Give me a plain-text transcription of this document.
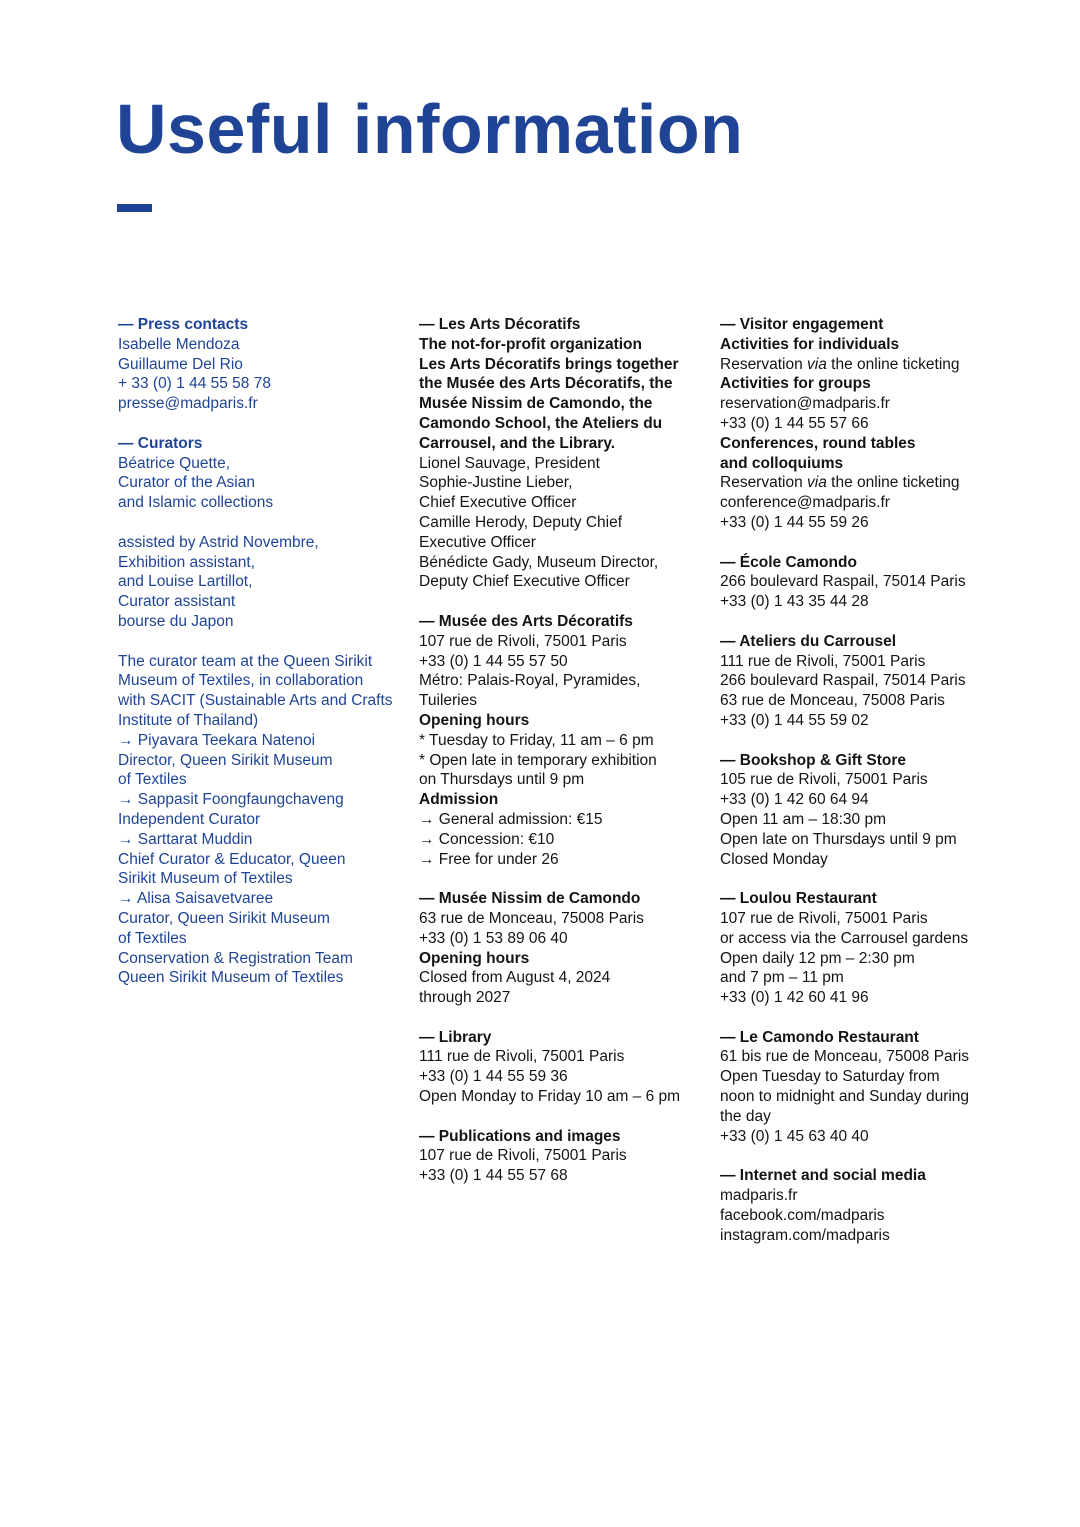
Useful information
— Press contacts
Isabelle Mendoza
Guillaume Del Rio
+ 33 (0) 1 44 55 58 78
presse@madparis.fr
— Curators
Béatrice Quette,
Curator of the Asian
and Islamic collections
assisted by Astrid Novembre,
Exhibition assistant,
and Louise Lartillot,
Curator assistant
bourse du Japon
The curator team at the Queen Sirikit
Museum of Textiles, in collaboration
with SACIT (Sustainable Arts and Crafts
Institute of Thailand)
→ Piyavara Teekara Natenoi
Director, Queen Sirikit Museum
of Textiles
→ Sappasit Foongfaungchaveng
Independent Curator
→ Sarttarat Muddin
Chief Curator & Educator, Queen
Sirikit Museum of Textiles
→ Alisa Saisavetvaree
Curator, Queen Sirikit Museum
of Textiles
Conservation & Registration Team
Queen Sirikit Museum of Textiles
— Les Arts Décoratifs
The not-for-profit organization
Les Arts Décoratifs brings together
the Musée des Arts Décoratifs, the
Musée Nissim de Camondo, the
Camondo School, the Ateliers du
Carrousel, and the Library.
Lionel Sauvage, President
Sophie-Justine Lieber,
Chief Executive Officer
Camille Herody, Deputy Chief
Executive Officer
Bénédicte Gady, Museum Director,
Deputy Chief Executive Officer
— Musée des Arts Décoratifs
107 rue de Rivoli, 75001 Paris
+33 (0) 1 44 55 57 50
Métro: Palais-Royal, Pyramides,
Tuileries
Opening hours
* Tuesday to Friday, 11 am – 6 pm
* Open late in temporary exhibition
on Thursdays until 9 pm
Admission
→ General admission: €15
→ Concession: €10
→ Free for under 26
— Musée Nissim de Camondo
63 rue de Monceau, 75008 Paris
+33 (0) 1 53 89 06 40
Opening hours
Closed from August 4, 2024
through 2027
— Library
111 rue de Rivoli, 75001 Paris
+33 (0) 1 44 55 59 36
Open Monday to Friday 10 am – 6 pm
— Publications and images
107 rue de Rivoli, 75001 Paris
+33 (0) 1 44 55 57 68
— Visitor engagement
Activities for individuals
Reservation via the online ticketing
Activities for groups
reservation@madparis.fr
+33 (0) 1 44 55 57 66
Conferences, round tables
and colloquiums
Reservation via the online ticketing
conference@madparis.fr
+33 (0) 1 44 55 59 26
— École Camondo
266 boulevard Raspail, 75014 Paris
+33 (0) 1 43 35 44 28
— Ateliers du Carrousel
111 rue de Rivoli, 75001 Paris
266 boulevard Raspail, 75014 Paris
63 rue de Monceau, 75008 Paris
+33 (0) 1 44 55 59 02
— Bookshop & Gift Store
105 rue de Rivoli, 75001 Paris
+33 (0) 1 42 60 64 94
Open 11 am – 18:30 pm
Open late on Thursdays until 9 pm
Closed Monday
— Loulou Restaurant
107 rue de Rivoli, 75001 Paris
or access via the Carrousel gardens
Open daily 12 pm – 2:30 pm
and 7 pm – 11 pm
+33 (0) 1 42 60 41 96
— Le Camondo Restaurant
61 bis rue de Monceau, 75008 Paris
Open Tuesday to Saturday from
noon to midnight and Sunday during
the day
+33 (0) 1 45 63 40 40
— Internet and social media
madparis.fr
facebook.com/madparis
instagram.com/madparis
